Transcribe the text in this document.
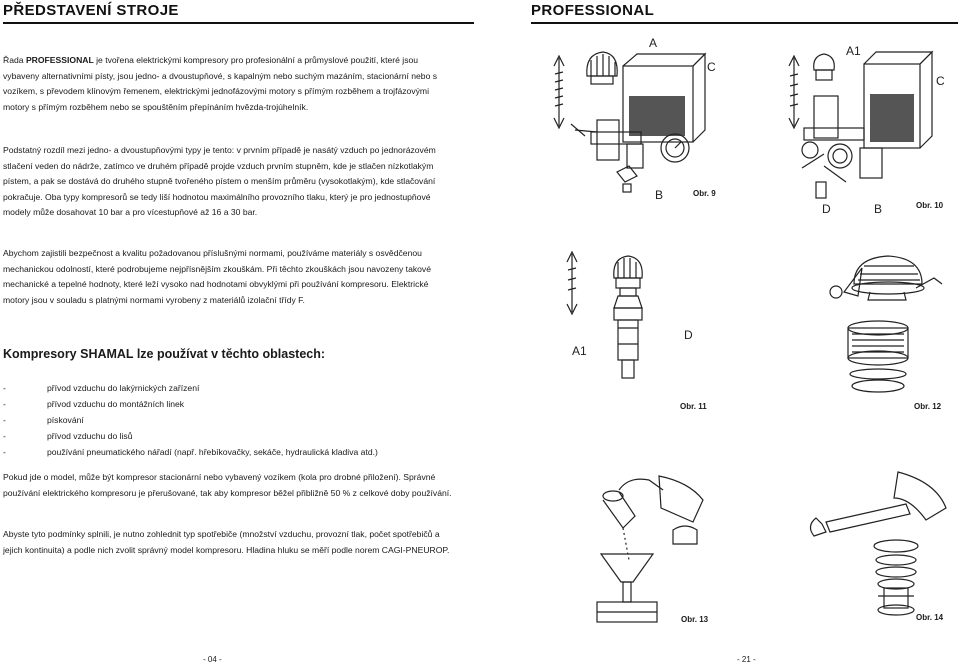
PŘEDSTAVENÍ STROJE	PROFESSIONAL
Řada PROFESSIONAL je tvořena elektrickými kompresory pro profesionální a průmyslové použití, které jsou vybaveny alternativními písty, jsou jedno- a dvoustupňové, s kapalným nebo suchým mazáním, stacionární nebo s vozíkem, s převodem klínovým řemenem, elektrickými jednofázovými motory s přímým rozběhem a trojfázovými motory s přímým rozběhem nebo se spouštěním přepínáním hvězda-trojúhelník.
Podstatný rozdíl mezi jedno- a dvoustupňovými typy je tento: v prvním případě je nasátý vzduch po jednorázovém stlačení veden do nádrže, zatímco ve druhém případě projde vzduch prvním stupněm, kde je stlačen nízkotlakým pístem, a pak se dostává do druhého stupně tvořeného pístem o menším průměru (vysokotlakým), kde stlačování pokračuje. Oba typy kompresorů se tedy liší hodnotou maximálního provozního tlaku, který je pro jednostupňové modely může dosahovat 10 bar a pro vícestupňové až 16 a 30 bar.
Abychom zajistili bezpečnost a kvalitu požadovanou příslušnými normami, používáme materiály s osvědčenou mechanickou odolností, které podrobujeme nejpřísnějším zkouškám. Při těchto zkouškách jsou navozeny takové mechanické a tepelné hodnoty, které leží vysoko nad hodnotami obvyklými při používání kompresoru. Elektrické motory jsou v souladu s platnými normami vyrobeny z materiálů izolační třídy F.
Kompresory SHAMAL lze používat v těchto oblastech:
-	přívod vzduchu do lakýrnických zařízení
-	přívod vzduchu do montážních linek
-	pískování
-	přívod vzduchu do lisů
-	používání pneumatického nářadí (např. hřebíkovačky, sekáče, hydraulická kladiva atd.)
Pokud jde o model, může být kompresor stacionární nebo vybavený vozíkem (kola pro drobné přiložení). Správné používání elektrického kompresoru je přerušované, tak aby kompresor běžel přibližně 50 % z celkové doby používání.
Abyste tyto podmínky splnili, je nutno zohlednit typ spotřebiče (množství vzduchu, provozní tlak, počet spotřebičů a jejich kontinuita) a podle nich zvolit správný model kompresoru. Hladina hluku se měří podle norem CAGI-PNEUROP.
A
C
B	Obr. 9
A1
C
D	B	Obr. 10
A1
Obr. 11
D
Obr. 12
Obr. 13	Obr. 14
- 04 -	- 21 -
